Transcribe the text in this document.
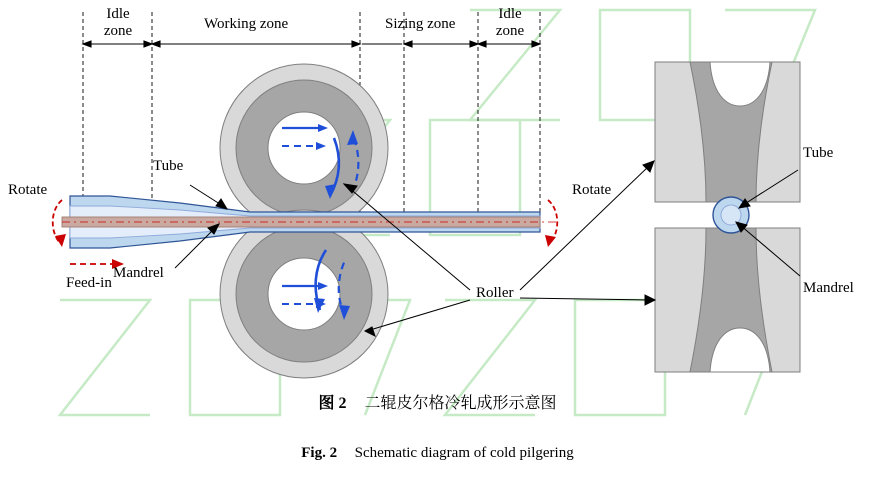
Idle
zone	Working zone	Sizing zone
Idle
zone
Rotate	Rotate
Feed-in
Tube
Mandrel
Roller
Tube
Mandrel
图 2 二辊皮尔格冷轧成形示意图
Fig. 2 Schematic diagram of cold pilgering
